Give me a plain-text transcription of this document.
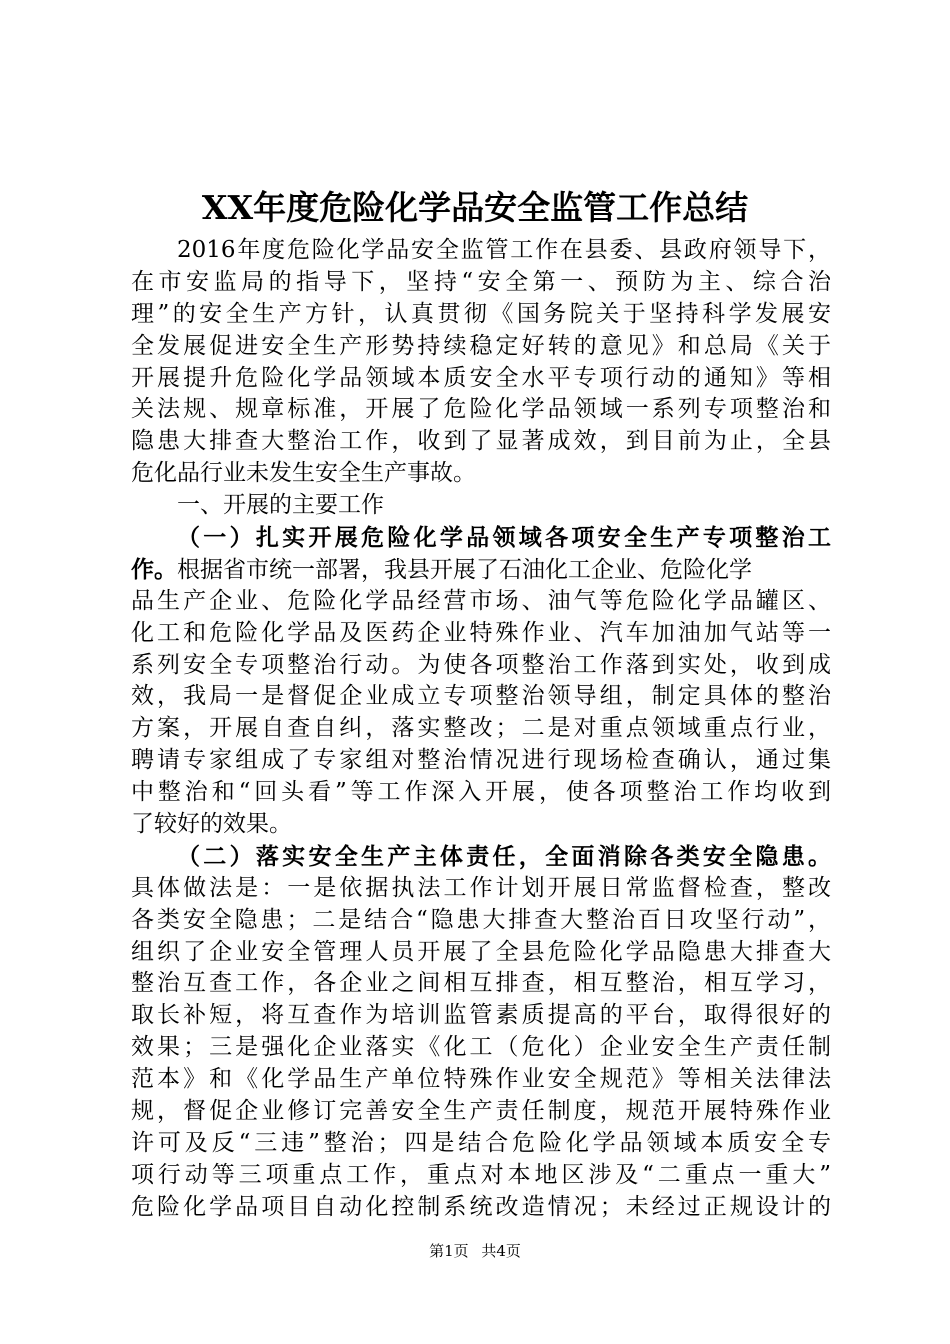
XX年度危险化学品安全监管工作总结
2016年度危险化学品安全监管工作在县委、县政府领导下，
在市安监局的指导下，坚持“安全第一、预防为主、综合治
理”的安全生产方针，认真贯彻《国务院关于坚持科学发展安
全发展促进安全生产形势持续稳定好转的意见》和总局《关于
开展提升危险化学品领域本质安全水平专项行动的通知》等相
关法规、规章标准，开展了危险化学品领域一系列专项整治和
隐患大排查大整治工作，收到了显著成效，到目前为止，全县
危化品行业未发生安全生产事故。
一、开展的主要工作
（一）扎实开展危险化学品领域各项安全生产专项整治工
作。根据省市统一部署，我县开展了石油化工企业、危险化学
品生产企业、危险化学品经营市场、油气等危险化学品罐区、
化工和危险化学品及医药企业特殊作业、汽车加油加气站等一
系列安全专项整治行动。为使各项整治工作落到实处，收到成
效，我局一是督促企业成立专项整治领导组，制定具体的整治
方案，开展自查自纠，落实整改；二是对重点领域重点行业，
聘请专家组成了专家组对整治情况进行现场检查确认，通过集
中整治和“回头看”等工作深入开展，使各项整治工作均收到
了较好的效果。
（二）落实安全生产主体责任，全面消除各类安全隐患。
具体做法是：一是依据执法工作计划开展日常监督检查，整改
各类安全隐患；二是结合“隐患大排查大整治百日攻坚行动”，
组织了企业安全管理人员开展了全县危险化学品隐患大排查大
整治互查工作，各企业之间相互排查，相互整治，相互学习，
取长补短，将互查作为培训监管素质提高的平台，取得很好的
效果；三是强化企业落实《化工（危化）企业安全生产责任制
范本》和《化学品生产单位特殊作业安全规范》等相关法律法
规，督促企业修订完善安全生产责任制度，规范开展特殊作业
许可及反“三违”整治；四是结合危险化学品领域本质安全专
项行动等三项重点工作，重点对本地区涉及“二重点一重大”
危险化学品项目自动化控制系统改造情况；未经过正规设计的
第1页 共4页
